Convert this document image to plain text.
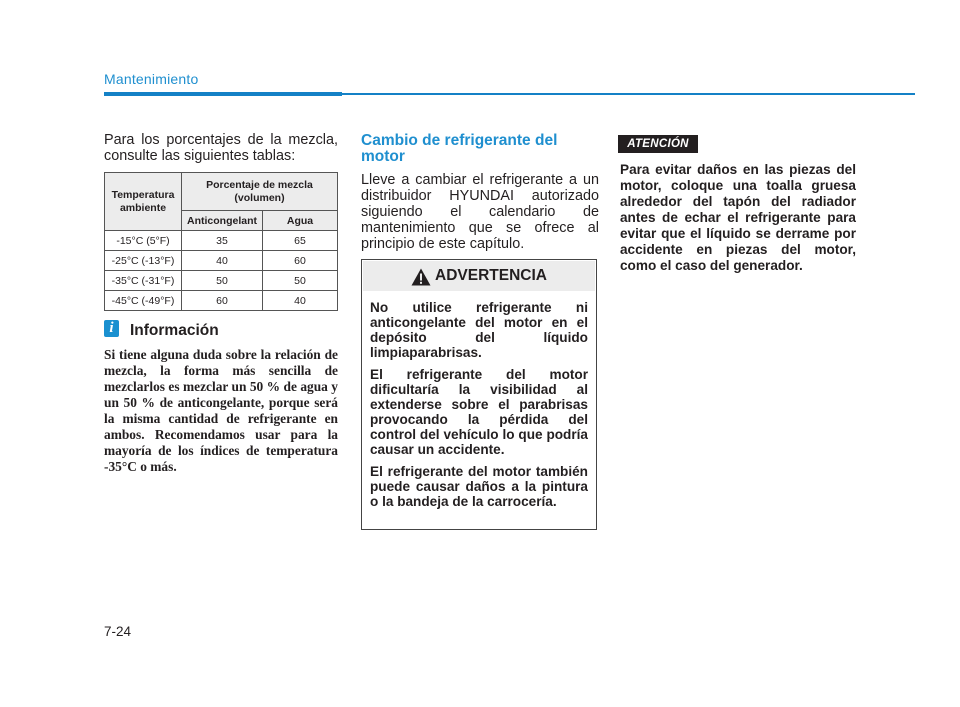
Mantenimiento
Para los porcentajes de la mezcla, consulte las siguientes tablas:
Temperatura ambiente	Porcentaje de mezcla (volumen)	
	Anticongelant	Agua
-15°C (5°F)	35	65
-25°C (-13°F)	40	60
-35°C (-31°F)	50	50
-45°C (-49°F)	60	40
i	Información
Si tiene alguna duda sobre la relación de mezcla, la forma más sencilla de mezclarlos es mezclar un 50 % de agua y un 50 % de anticongelante, porque será la misma cantidad de refrigerante en ambos. Recomendamos usar para la mayoría de los índices de temperatura -35°C o más.
Cambio de refrigerante del motor
Lleve a cambiar el refrigerante a un distribuidor HYUNDAI autorizado siguiendo el calendario de mantenimiento que se ofrece al principio de este capítulo.
ADVERTENCIA

No utilice refrigerante ni anticongelante del motor en el depósito del líquido limpiaparabrisas.

El refrigerante del motor dificultaría la visibilidad al extenderse sobre el parabrisas provocando la pérdida del control del vehículo lo que podría causar un accidente.

El refrigerante del motor también puede causar daños a la pintura o la bandeja de la carrocería.

ATENCIÓN
Para evitar daños en las piezas del motor, coloque una toalla gruesa alrededor del tapón del radiador antes de echar el refrigerante para evitar que el líquido se derrame por accidente en piezas del motor, como el caso del generador.
7-24
